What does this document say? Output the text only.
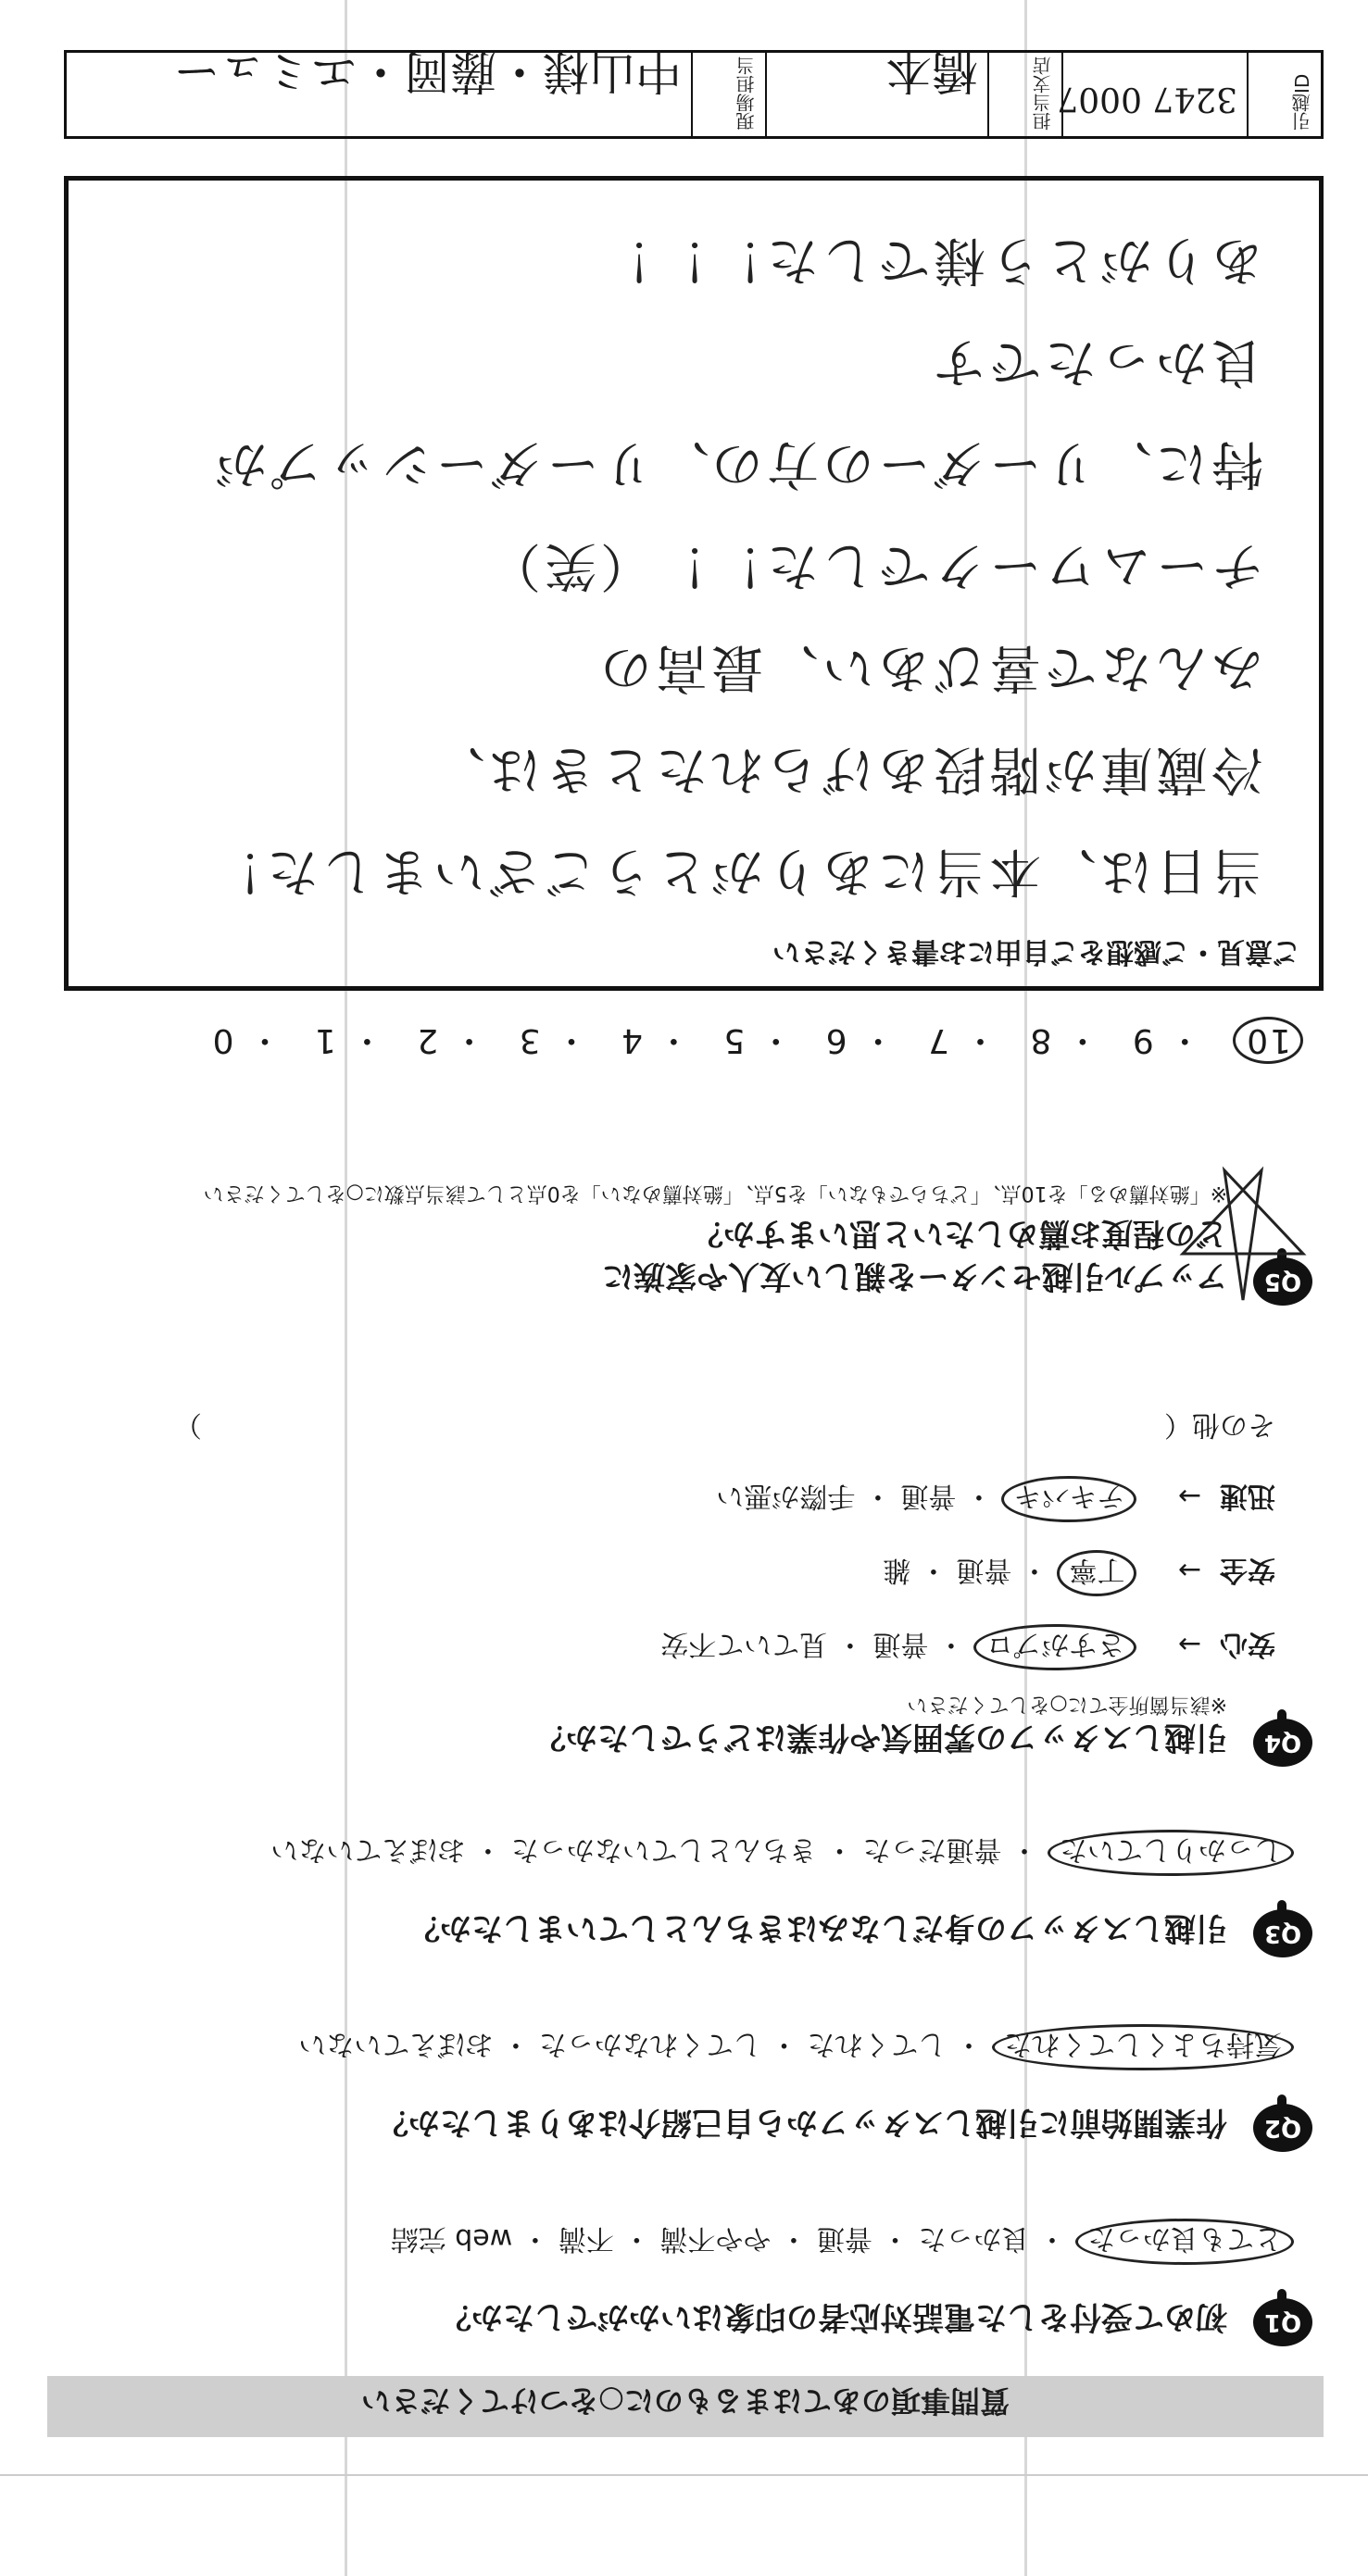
質問事項のあてはまるものに○をつけてください
Q1
初めて受付をした電話対応者の印象はいかがでしたか？
とても良かった・ 良かった・ 普通・ やや不満・ 不満・ web 完結
Q2
作業開始前に引越しスタッフから自己紹介はありましたか？
気持ちよくしてくれた・ してくれた・ してくれなかった・ おぼえていない
Q3
引越しスタッフの身だしなみはきちんとしていましたか？
しっかりしていた・ 普通だった・ きちんとしていなかった・ おぼえていない
Q4
引越しスタッフの雰囲気や作業はどうでしたか？
※該当箇所全てに○をしてください
安心→ さすがプロ ・ 普通 ・ 見ていて不安
安全→ 丁寧 ・ 普通 ・ 雑
迅速→ テキパキ ・ 普通 ・ 手際が悪い
その他（  ）
Q5
アップル引越センターを親しい友人や家族に
どの程度お薦めしたいと思いますか？
※「絶対薦める」を10点、「どちらでもない」を5点、「絶対薦めない」を0点として該当点数に○をしてください
10・ 9・ 8・ 7・ 6・ 5・ 4・ 3・ 2・ 1・ 0
ご意見・ご感想をご自由にお書きください
当日は、本当にありがとうございました！
冷蔵庫が階段あげられたときは、
みんなで喜びあい、最高の
チームワークでした！！（笑）
特に、リーダーの方の、リーダーシップが
良かったです
ありがとう様でした！！！
引越ID
3247 0007
担当支店
橋本
現場担当
中山様・藤岡・エミュー
